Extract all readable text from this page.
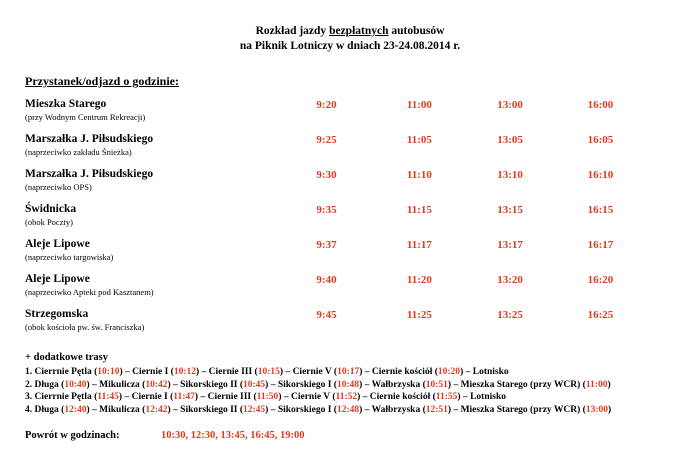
Rozkład jazdy bezpłatnych autobusów
na Piknik Lotniczy w dniach 23-24.08.2014 r.
Przystanek/odjazd o godzinie:
Mieszka Starego
(przy Wodnym Centrum Rekreacji)	9:20	11:00	13:00	16:00

Marszałka J. Piłsudskiego
(naprzeciwko zakładu Śnieżka)	9:25	11:05	13:05	16:05

Marszałka J. Piłsudskiego
(naprzeciwko OPS)	9:30	11:10	13:10	16:10

Świdnicka
(obok Poczty)	9:35	11:15	13:15	16:15

Aleje Lipowe
(naprzeciwko targowiska)	9:37	11:17	13:17	16:17

Aleje Lipowe
(naprzeciwko Apteki pod Kasztanem)	9:40	11:20	13:20	16:20

Strzegomska
(obok kościoła pw. św. Franciszka)	9:45	11:25	13:25	16:25
+ dodatkowe trasy
1. Cierrnie Pętla (10:10) – Ciernie I (10:12) – Ciernie III (10:15) – Ciernie V (10:17) – Ciernie kościół (10:20) – Lotnisko
2. Długa (10:40) – Mikulicza (10:42) – Sikorskiego II (10:45) – Sikorskiego I (10:48) – Wałbrzyska (10:51) – Mieszka Starego (przy WCR) (11:00)
3. Cierrnie Pętla (11:45) – Ciernie I (11:47) – Ciernie III (11:50) – Ciernie V (11:52) – Ciernie kościół (11:55) – Lotnisko
4. Długa (12:40) – Mikulicza (12:42) – Sikorskiego II (12:45) – Sikorskiego I (12:48) – Wałbrzyska (12:51) – Mieszka Starego (przy WCR) (13:00)
Powrót w godzinach:	10:30, 12:30, 13:45, 16:45, 19:00
